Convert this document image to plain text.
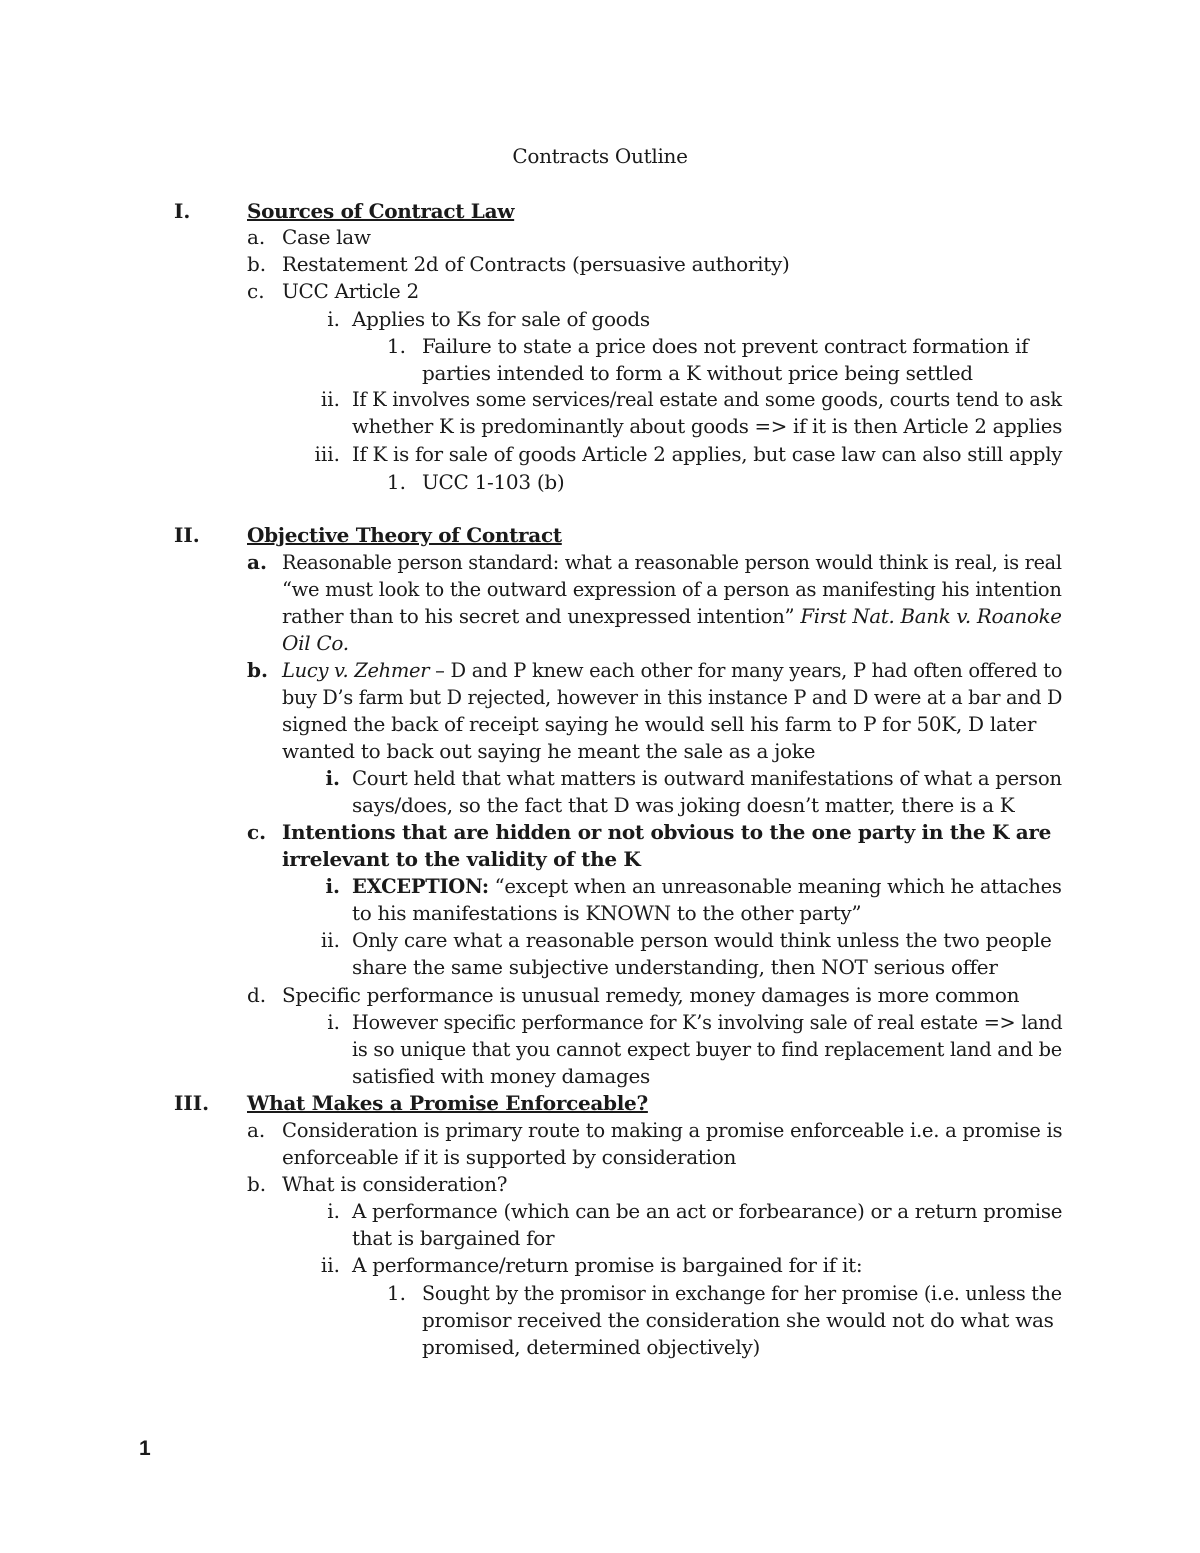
Contracts Outline
I.	Sources of Contract Law
a. Case law
b. Restatement 2d of Contracts (persuasive authority)
c. UCC Article 2
i. Applies to Ks for sale of goods
1. Failure to state a price does not prevent contract formation if
parties intended to form a K without price being settled
ii. If K involves some services/real estate and some goods, courts tend to ask
whether K is predominantly about goods => if it is then Article 2 applies
iii. If K is for sale of goods Article 2 applies, but case law can also still apply
1. UCC 1-103 (b)
II. Objective Theory of Contract
a. Reasonable person standard: what a reasonable person would think is real, is real
“we must look to the outward expression of a person as manifesting his intention
rather than to his secret and unexpressed intention” First Nat. Bank v. Roanoke
Oil Co.
b. Lucy v. Zehmer – D and P knew each other for many years, P had often offered to
buy D’s farm but D rejected, however in this instance P and D were at a bar and D
signed the back of receipt saying he would sell his farm to P for 50K, D later
wanted to back out saying he meant the sale as a joke
i. Court held that what matters is outward manifestations of what a person
says/does, so the fact that D was joking doesn’t matter, there is a K
c. Intentions that are hidden or not obvious to the one party in the K are
irrelevant to the validity of the K
i. EXCEPTION: “except when an unreasonable meaning which he attaches
to his manifestations is KNOWN to the other party”
ii. Only care what a reasonable person would think unless the two people
share the same subjective understanding, then NOT serious offer
d. Specific performance is unusual remedy, money damages is more common
i. However specific performance for K’s involving sale of real estate => land
is so unique that you cannot expect buyer to find replacement land and be
satisfied with money damages
III. What Makes a Promise Enforceable?
a. Consideration is primary route to making a promise enforceable i.e. a promise is
enforceable if it is supported by consideration
b. What is consideration?
i. A performance (which can be an act or forbearance) or a return promise
that is bargained for
ii. A performance/return promise is bargained for if it:
1. Sought by the promisor in exchange for her promise (i.e. unless the
promisor received the consideration she would not do what was
promised, determined objectively)
1
